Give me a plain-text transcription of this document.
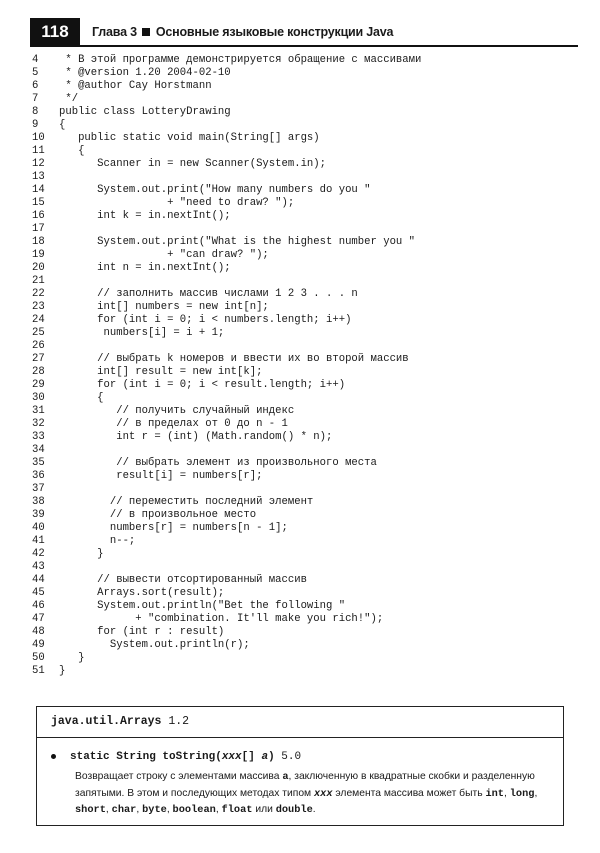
118	Глава 3 Основные языковые конструкции Java
4 * В этой программе демонстрируется обращение с массивами
5 * @version 1.20 2004-02-10
6 * @author Cay Horstmann
7 */
8 public class LotteryDrawing
9 {
10   public static void main(String[] args)
11   {
12      Scanner in = new Scanner(System.in);
13
14      System.out.print("How many numbers do you "
15                 + "need to draw? ");
16      int k = in.nextInt();
17
18      System.out.print("What is the highest number you "
19                 + "can draw? ");
20      int n = in.nextInt();
21
22      // заполнить массив числами 1 2 3 . . . n
23      int[] numbers = new int[n];
24      for (int i = 0; i < numbers.length; i++)
25       numbers[i] = i + 1;
26
27      // выбрать k номеров и ввести их во второй массив
28      int[] result = new int[k];
29      for (int i = 0; i < result.length; i++)
30      {
31         // получить случайный индекс
32         // в пределах от 0 до n - 1
33         int r = (int) (Math.random() * n);
34
35         // выбрать элемент из произвольного места
36         result[i] = numbers[r];
37
38        // переместить последний элемент
39        // в произвольное место
40        numbers[r] = numbers[n - 1];
41        n--;
42      }
43
44      // вывести отсортированный массив
45      Arrays.sort(result);
46      System.out.println("Bet the following "
47            + "combination. It'll make you rich!");
48      for (int r : result)
49        System.out.println(r);
50   }
51 }
java.util.Arrays 1.2
static String toString(xxx[] a) 5.0
Возвращает строку с элементами массива a, заключенную в квадратные скобки и разделенную запятыми. В этом и последующих методах типом xxx элемента массива может быть int, long, short, char, byte, boolean, float или double.
